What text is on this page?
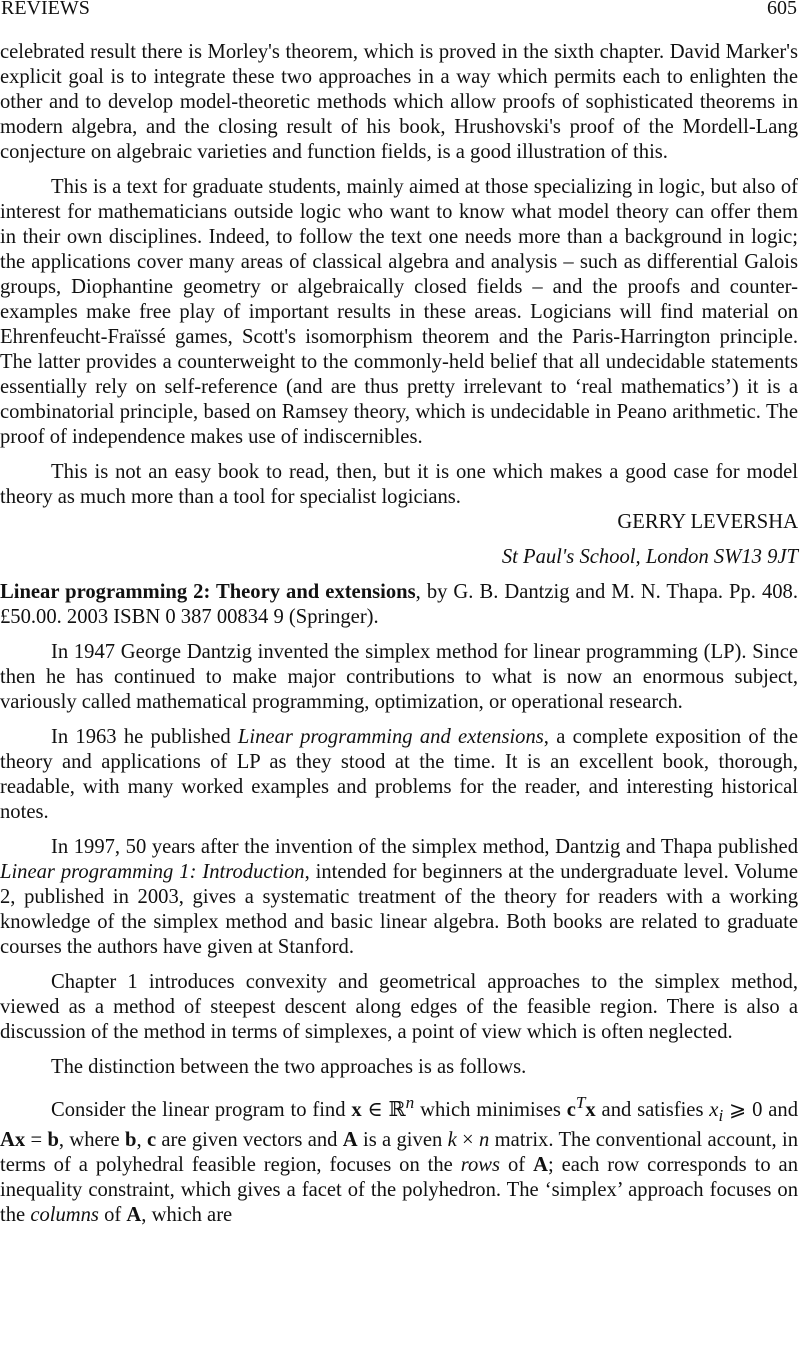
REVIEWS	605

celebrated result there is Morley's theorem, which is proved in the sixth chapter. David Marker's explicit goal is to integrate these two approaches in a way which permits each to enlighten the other and to develop model-theoretic methods which allow proofs of sophisticated theorems in modern algebra, and the closing result of his book, Hrushovski's proof of the Mordell-Lang conjecture on algebraic varieties and function fields, is a good illustration of this.

This is a text for graduate students, mainly aimed at those specializing in logic, but also of interest for mathematicians outside logic who want to know what model theory can offer them in their own disciplines. Indeed, to follow the text one needs more than a background in logic; the applications cover many areas of classical algebra and analysis – such as differential Galois groups, Diophantine geometry or algebraically closed fields – and the proofs and counter-examples make free play of important results in these areas. Logicians will find material on Ehrenfeucht-Fraïssé games, Scott's isomorphism theorem and the Paris-Harrington principle. The latter provides a counterweight to the commonly-held belief that all undecidable statements essentially rely on self-reference (and are thus pretty irrelevant to ‘real mathematics’) it is a combinatorial principle, based on Ramsey theory, which is undecidable in Peano arithmetic. The proof of independence makes use of indiscernibles.

This is not an easy book to read, then, but it is one which makes a good case for model theory as much more than a tool for specialist logicians.

GERRY LEVERSHA

St Paul's School, London SW13 9JT

Linear programming 2: Theory and extensions, by G. B. Dantzig and M. N. Thapa. Pp. 408. £50.00. 2003 ISBN 0 387 00834 9 (Springer).

In 1947 George Dantzig invented the simplex method for linear programming (LP). Since then he has continued to make major contributions to what is now an enormous subject, variously called mathematical programming, optimization, or operational research.

In 1963 he published Linear programming and extensions, a complete exposition of the theory and applications of LP as they stood at the time. It is an excellent book, thorough, readable, with many worked examples and problems for the reader, and interesting historical notes.

In 1997, 50 years after the invention of the simplex method, Dantzig and Thapa published Linear programming 1: Introduction, intended for beginners at the undergraduate level. Volume 2, published in 2003, gives a systematic treatment of the theory for readers with a working knowledge of the simplex method and basic linear algebra. Both books are related to graduate courses the authors have given at Stanford.

Chapter 1 introduces convexity and geometrical approaches to the simplex method, viewed as a method of steepest descent along edges of the feasible region. There is also a discussion of the method in terms of simplexes, a point of view which is often neglected.

The distinction between the two approaches is as follows.

Consider the linear program to find x ∈ ℝ$^n$ which minimises $c^Tx$ and satisfies $x_i$ ⩾ 0 and Ax = b, where b, c are given vectors and A is a given k × n matrix. The conventional account, in terms of a polyhedral feasible region, focuses on the rows of A; each row corresponds to an inequality constraint, which gives a facet of the polyhedron. The ‘simplex’ approach focuses on the columns of A, which are
